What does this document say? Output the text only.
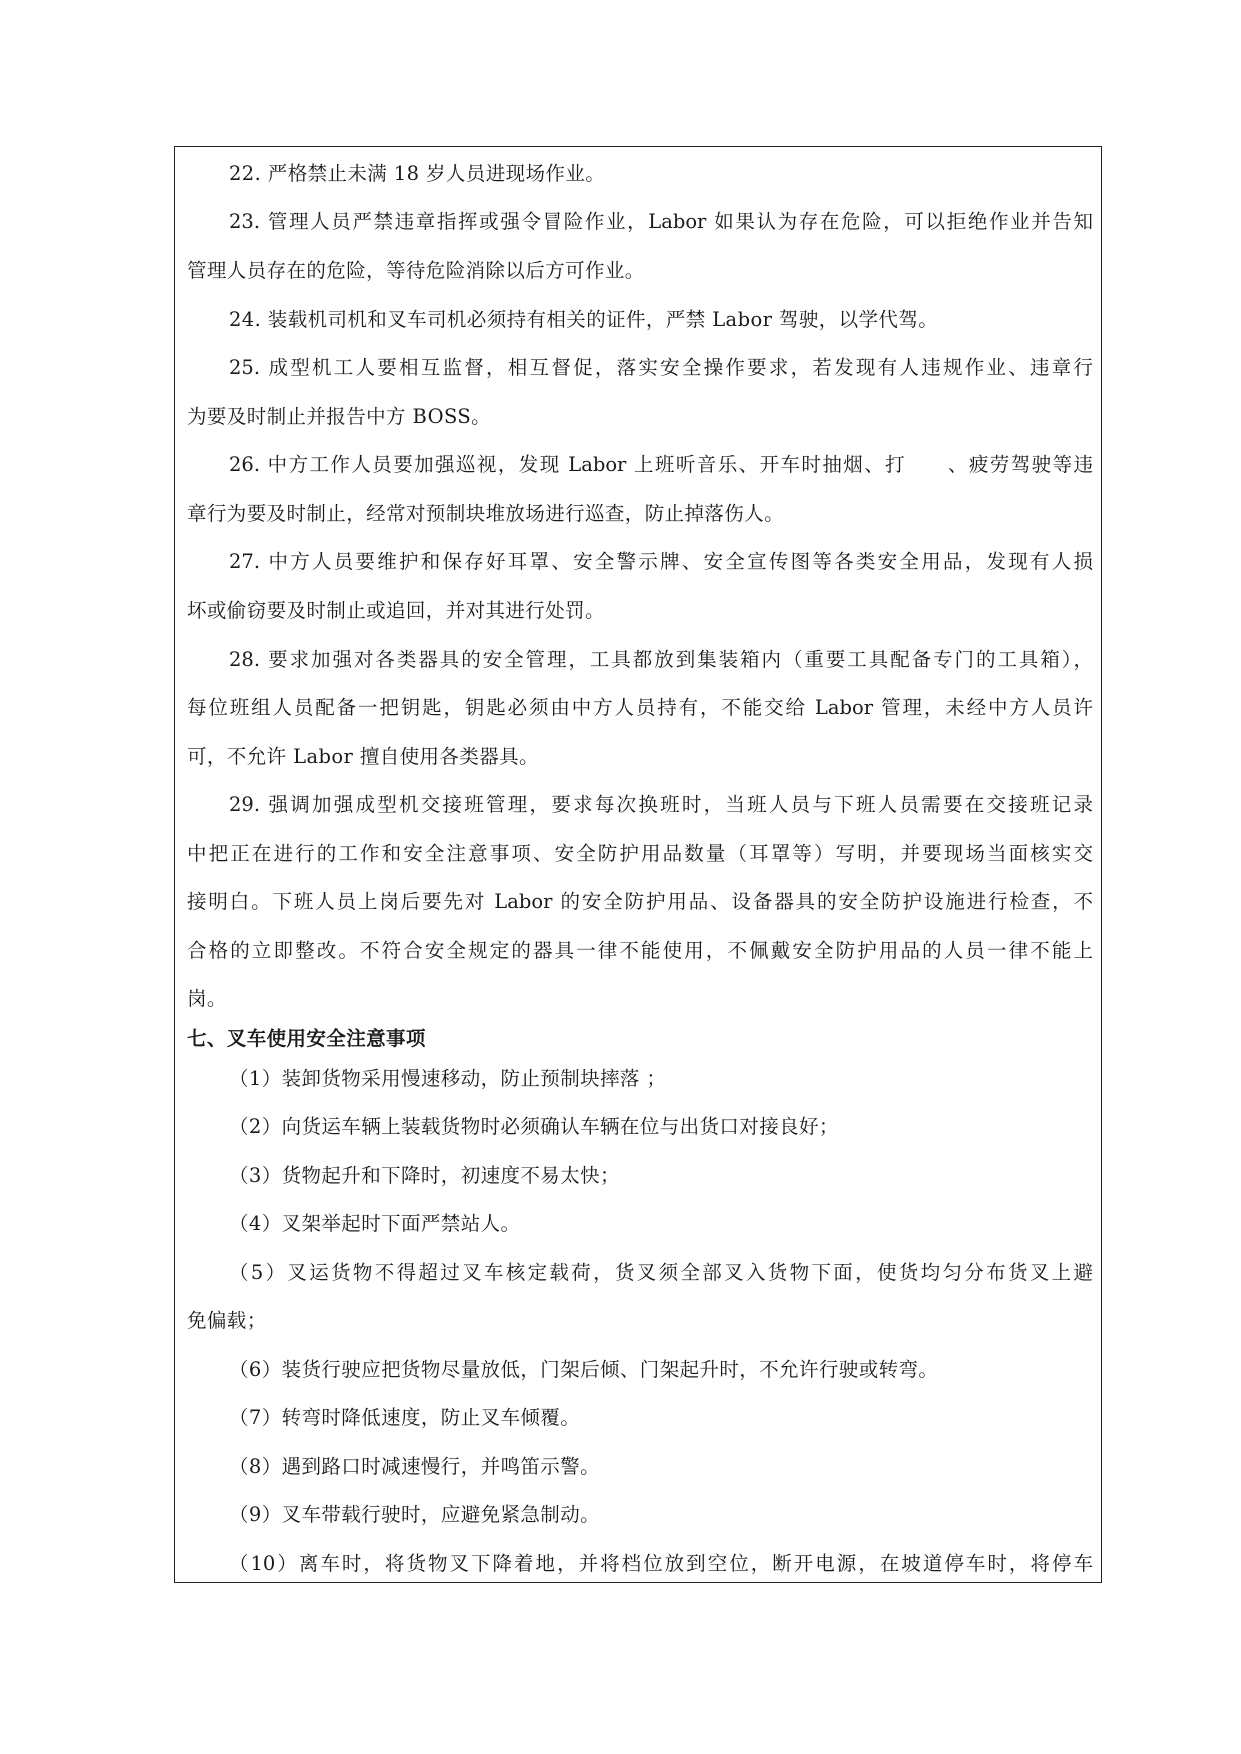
22. 严格禁止未满 18 岁人员进现场作业。
23. 管理人员严禁违章指挥或强令冒险作业，Labor 如果认为存在危险，可以拒绝作业并告知
管理人员存在的危险，等待危险消除以后方可作业。
24. 装载机司机和叉车司机必须持有相关的证件，严禁 Labor 驾驶，以学代驾。
25. 成型机工人要相互监督，相互督促，落实安全操作要求，若发现有人违规作业、违章行
为要及时制止并报告中方 BOSS。
26. 中方工作人员要加强巡视，发现 Labor 上班听音乐、开车时抽烟、打　　、疲劳驾驶等违
章行为要及时制止，经常对预制块堆放场进行巡查，防止掉落伤人。
27. 中方人员要维护和保存好耳罩、安全警示牌、安全宣传图等各类安全用品，发现有人损
坏或偷窃要及时制止或追回，并对其进行处罚。
28. 要求加强对各类器具的安全管理，工具都放到集装箱内（重要工具配备专门的工具箱），
每位班组人员配备一把钥匙，钥匙必须由中方人员持有，不能交给 Labor 管理，未经中方人员许
可，不允许 Labor 擅自使用各类器具。
29. 强调加强成型机交接班管理，要求每次换班时，当班人员与下班人员需要在交接班记录
中把正在进行的工作和安全注意事项、安全防护用品数量（耳罩等）写明，并要现场当面核实交
接明白。下班人员上岗后要先对 Labor 的安全防护用品、设备器具的安全防护设施进行检查，不
合格的立即整改。不符合安全规定的器具一律不能使用，不佩戴安全防护用品的人员一律不能上
岗。
七、叉车使用安全注意事项
（1）装卸货物采用慢速移动，防止预制块摔落 ；
（2）向货运车辆上装载货物时必须确认车辆在位与出货口对接良好；
（3）货物起升和下降时，初速度不易太快；
（4）叉架举起时下面严禁站人。
（5）叉运货物不得超过叉车核定载荷，货叉须全部叉入货物下面，使货均匀分布货叉上避
免偏载；
（6）装货行驶应把货物尽量放低，门架后倾、门架起升时，不允许行驶或转弯。
（7）转弯时降低速度，防止叉车倾覆。
（8）遇到路口时减速慢行，并鸣笛示警。
（9）叉车带载行驶时，应避免紧急制动。
（10）离车时，将货物叉下降着地，并将档位放到空位，断开电源，在坡道停车时，将停车
